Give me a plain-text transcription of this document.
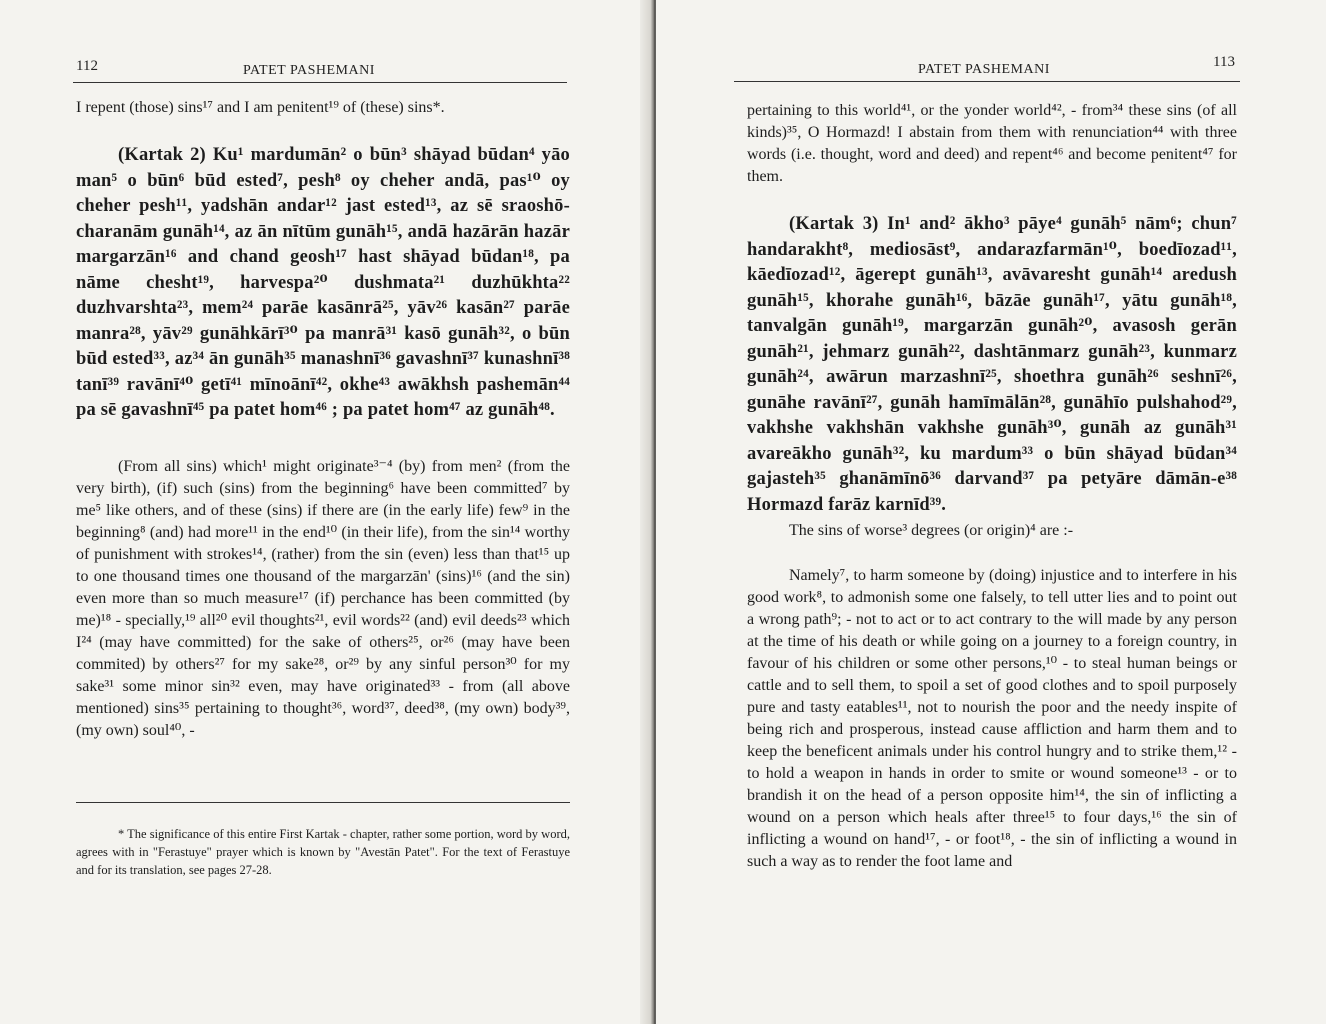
112	PATET PASHEMANI

I repent (those) sins¹⁷ and I am penitent¹⁹ of (these) sins*.

(Kartak 2) Ku¹ mardumān² o būn³ shāyad būdan⁴ yāo man⁵ o būn⁶ būd ested⁷, pesh⁸ oy cheher andā, pas¹⁰ oy cheher pesh¹¹, yadshān andar¹² jast ested¹³, az sē sraoshō-charanām gunāh¹⁴, az ān nītūm gunāh¹⁵, andā hazārān hazār margarzān¹⁶ and chand geosh¹⁷ hast shāyad būdan¹⁸, pa nāme chesht¹⁹, harvespa²⁰ dushmata²¹ duzhūkhta²² duzhvarshta²³, mem²⁴ parāe kasānrā²⁵, yāv²⁶ kasān²⁷ parāe manra²⁸, yāv²⁹ gunāhkārī³⁰ pa manrā³¹ kasō gunāh³², o būn būd ested³³, az³⁴ ān gunāh³⁵ manashnī³⁶ gavashnī³⁷ kunashnī³⁸ tanī³⁹ ravānī⁴⁰ getī⁴¹ mīnoānī⁴², okhe⁴³ awākhsh pashemān⁴⁴ pa sē gavashnī⁴⁵ pa patet hom⁴⁶ ; pa patet hom⁴⁷ az gunāh⁴⁸.

(From all sins) which¹ might originate³⁻⁴ (by) from men² (from the very birth), (if) such (sins) from the beginning⁶ have been committed⁷ by me⁵ like others, and of these (sins) if there are (in the early life) few⁹ in the beginning⁸ (and) had more¹¹ in the end¹⁰ (in their life), from the sin¹⁴ worthy of punishment with strokes¹⁴, (rather) from the sin (even) less than that¹⁵ up to one thousand times one thousand of the margarzān' (sins)¹⁶ (and the sin) even more than so much measure¹⁷ (if) perchance has been committed (by me)¹⁸ - specially,¹⁹ all²⁰ evil thoughts²¹, evil words²² (and) evil deeds²³ which I²⁴ (may have committed) for the sake of others²⁵, or²⁶ (may have been commited) by others²⁷ for my sake²⁸, or²⁹ by any sinful person³⁰ for my sake³¹ some minor sin³² even, may have originated³³ - from (all above mentioned) sins³⁵ pertaining to thought³⁶, word³⁷, deed³⁸, (my own) body³⁹, (my own) soul⁴⁰, -

* The significance of this entire First Kartak - chapter, rather some portion, word by word, agrees with in "Ferastuye" prayer which is known by "Avestān Patet". For the text of Ferastuye and for its translation, see pages 27-28.

PATET PASHEMANI	113

pertaining to this world⁴¹, or the yonder world⁴², - from³⁴ these sins (of all kinds)³⁵, O Hormazd! I abstain from them with renunciation⁴⁴ with three words (i.e. thought, word and deed) and repent⁴⁶ and become penitent⁴⁷ for them.

(Kartak 3) In¹ and² ākho³ pāye⁴ gunāh⁵ nām⁶; chun⁷ handarakht⁸, mediosāst⁹, andarazfarmān¹⁰, boedīozad¹¹, kāedīozad¹², āgerept gunāh¹³, avāvaresht gunāh¹⁴ aredush gunāh¹⁵, khorahe gunāh¹⁶, bāzāe gunāh¹⁷, yātu gunāh¹⁸, tanvalgān gunāh¹⁹, margarzān gunāh²⁰, avasosh gerān gunāh²¹, jehmarz gunāh²², dashtānmarz gunāh²³, kunmarz gunāh²⁴, awārun marzashnī²⁵, shoethra gunāh²⁶ seshnī²⁶, gunāhe ravānī²⁷, gunāh hamīmālān²⁸, gunāhīo pulshahod²⁹, vakhshe vakhshān vakhshe gunāh³⁰, gunāh az gunāh³¹ avareākho gunāh³², ku mardum³³ o būn shāyad būdan³⁴ gajasteh³⁵ ghanāmīnō³⁶ darvand³⁷ pa petyāre dāmān-e³⁸ Hormazd farāz karnīd³⁹.

The sins of worse³ degrees (or origin)⁴ are :-

Namely⁷, to harm someone by (doing) injustice and to interfere in his good work⁸, to admonish some one falsely, to tell utter lies and to point out a wrong path⁹; - not to act or to act contrary to the will made by any person at the time of his death or while going on a journey to a foreign country, in favour of his children or some other persons,¹⁰ - to steal human beings or cattle and to sell them, to spoil a set of good clothes and to spoil purposely pure and tasty eatables¹¹, not to nourish the poor and the needy inspite of being rich and prosperous, instead cause affliction and harm them and to keep the beneficent animals under his control hungry and to strike them,¹² - to hold a weapon in hands in order to smite or wound someone¹³ - or to brandish it on the head of a person opposite him¹⁴, the sin of inflicting a wound on a person which heals after three¹⁵ to four days,¹⁶ the sin of inflicting a wound on hand¹⁷, - or foot¹⁸, - the sin of inflicting a wound in such a way as to render the foot lame and
